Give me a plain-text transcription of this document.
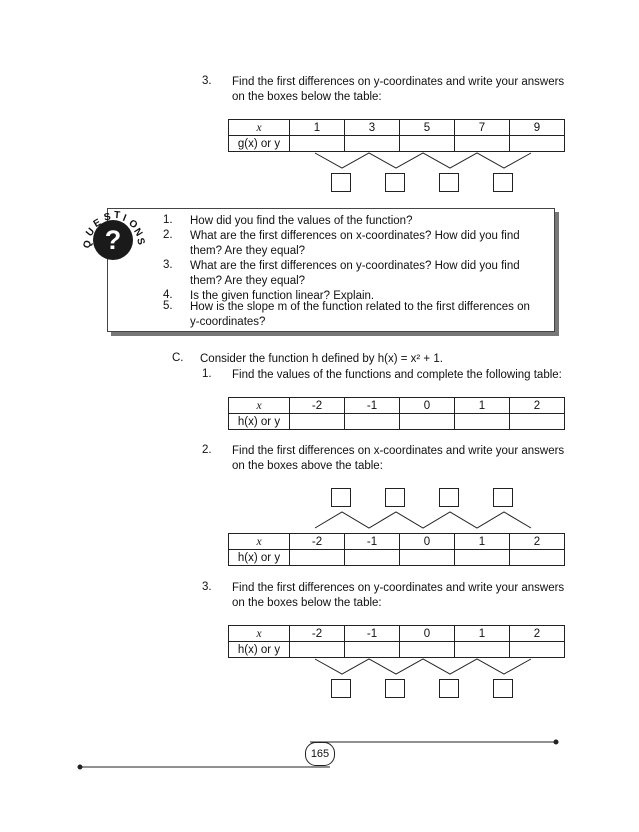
3. Find the first differences on y-coordinates and write your answers
on the boxes below the table:
x	1	3	5	7	9
g(x) or y					
?
Q
U
E S T I
O
N
S
1. How did you find the values of the function?
2. What are the first differences on x-coordinates? How did you find
them? Are they equal?
3. What are the first differences on y-coordinates? How did you find
them? Are they equal?
4. Is the given function linear? Explain.
5. How is the slope m of the function related to the first differences on
y-coordinates?
C. Consider the function h defined by h(x) = x² + 1.
1. Find the values of the functions and complete the following table:
x	-2	-1	0	1	2
h(x) or y					
2. Find the first differences on x-coordinates and write your answers
on the boxes above the table:
x	-2	-1	0	1	2
h(x) or y					
3. Find the first differences on y-coordinates and write your answers
on the boxes below the table:
x	-2	-1	0	1	2
h(x) or y					
165
